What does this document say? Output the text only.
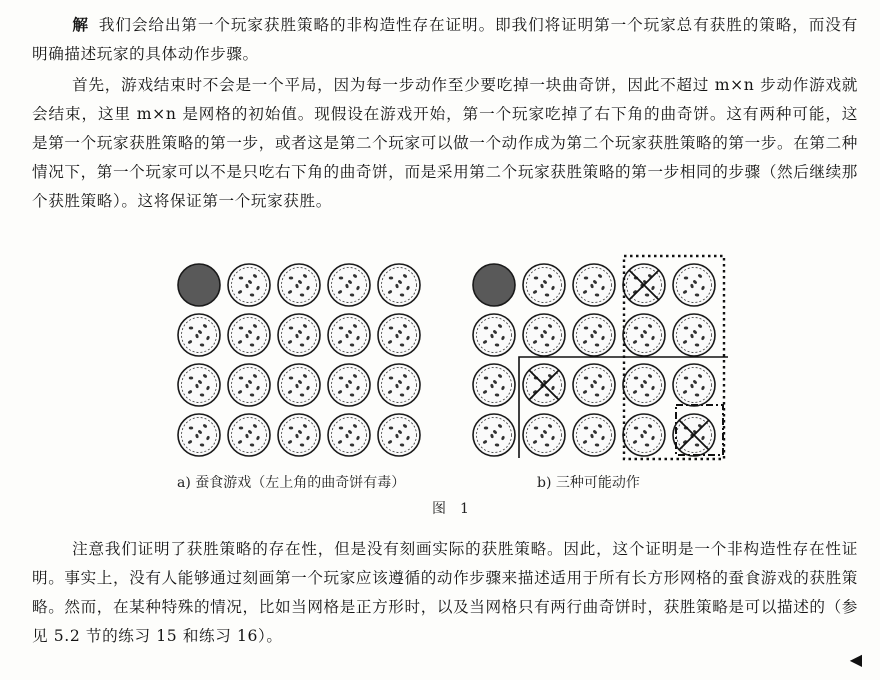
解 我们会给出第一个玩家获胜策略的非构造性存在证明。即我们将证明第一个玩家总有获胜的策略，而没有明确描述玩家的具体动作步骤。

首先，游戏结束时不会是一个平局，因为每一步动作至少要吃掉一块曲奇饼，因此不超过 m×n 步动作游戏就会结束，这里 m×n 是网格的初始值。现假设在游戏开始，第一个玩家吃掉了右下角的曲奇饼。这有两种可能，这是第一个玩家获胜策略的第一步，或者这是第二个玩家可以做一个动作成为第二个玩家获胜策略的第一步。在第二种情况下，第一个玩家可以不是只吃右下角的曲奇饼，而是采用第二个玩家获胜策略的第一步相同的步骤（然后继续那个获胜策略）。这将保证第一个玩家获胜。

a) 蚕食游戏（左上角的曲奇饼有毒）	b) 三种可能动作
图　1

注意我们证明了获胜策略的存在性，但是没有刻画实际的获胜策略。因此，这个证明是一个非构造性存在性证明。事实上，没有人能够通过刻画第一个玩家应该遵循的动作步骤来描述适用于所有长方形网格的蚕食游戏的获胜策略。然而，在某种特殊的情况，比如当网格是正方形时，以及当网格只有两行曲奇饼时，获胜策略是可以描述的（参见 5.2 节的练习 15 和练习 16）。

◀
